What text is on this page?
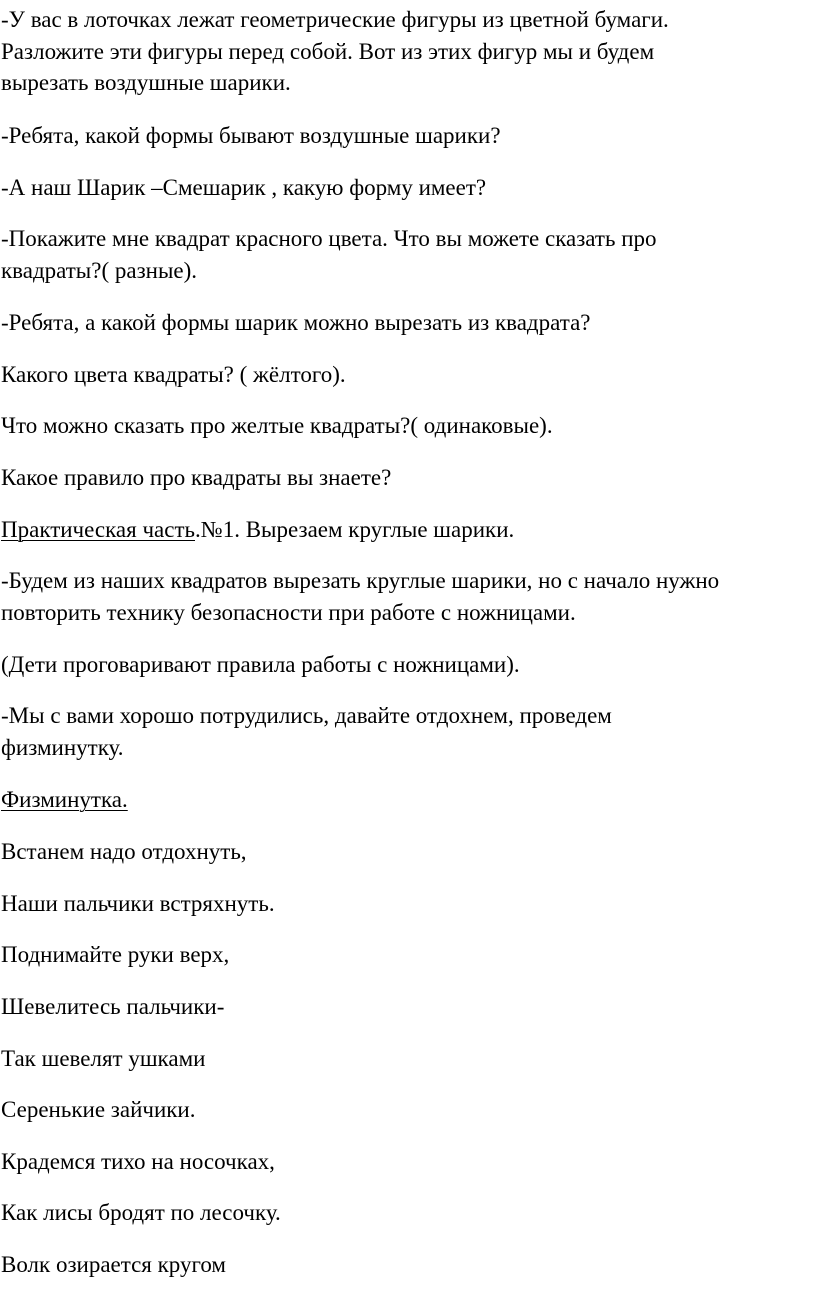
-У вас в лоточках лежат геометрические фигуры из цветной бумаги.
Разложите эти фигуры перед собой. Вот из этих фигур мы и будем
вырезать воздушные шарики.
-Ребята, какой формы бывают воздушные шарики?
-А наш Шарик –Смешарик , какую форму имеет?
-Покажите мне квадрат красного цвета. Что вы можете сказать про
квадраты?( разные).
-Ребята, а какой формы шарик можно вырезать из квадрата?
Какого цвета квадраты? ( жёлтого).
Что можно сказать про желтые квадраты?( одинаковые).
Какое правило про квадраты вы знаете?
Практическая часть.№1. Вырезаем круглые шарики.
-Будем из наших квадратов вырезать круглые шарики, но с начало нужно
повторить технику безопасности при работе с ножницами.
(Дети проговаривают правила работы с ножницами).
-Мы с вами хорошо потрудились, давайте отдохнем, проведем
физминутку.
Физминутка.
Встанем надо отдохнуть,
Наши пальчики встряхнуть.
Поднимайте руки верх,
Шевелитесь пальчики-
Так шевелят ушками
Серенькие зайчики.
Крадемся тихо на носочках,
Как лисы бродят по лесочку.
Волк озирается кругом
